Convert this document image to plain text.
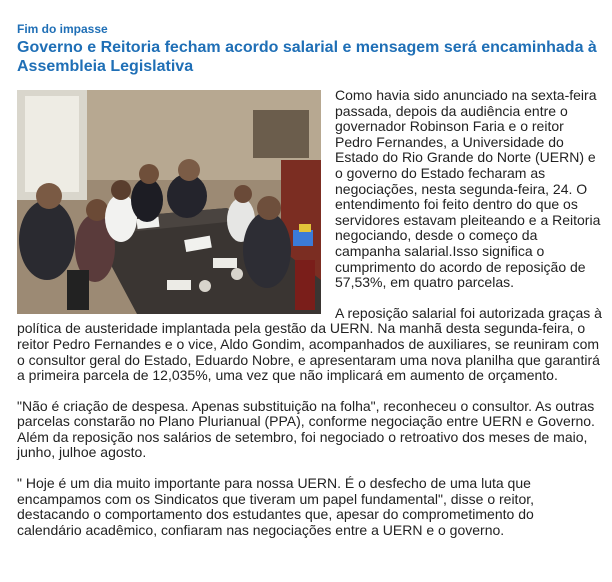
Fim do impasse
Governo e Reitoria fecham acordo salarial e mensagem será encaminhada à Assembleia Legislativa

Como havia sido anunciado na sexta-feira passada, depois da audiência entre o governador Robinson Faria e o reitor Pedro Fernandes, a Universidade do Estado do Rio Grande do Norte (UERN) e o governo do Estado fecharam as negociações, nesta segunda-feira, 24. O entendimento foi feito dentro do que os servidores estavam pleiteando e a Reitoria negociando, desde o começo da campanha salarial.Isso significa o cumprimento do acordo de reposição de 57,53%, em quatro parcelas.

A reposição salarial foi autorizada graças à política de austeridade implantada pela gestão da UERN. Na manhã desta segunda-feira, o reitor Pedro Fernandes e o vice, Aldo Gondim, acompanhados de auxiliares, se reuniram com o consultor geral do Estado, Eduardo Nobre, e apresentaram uma nova planilha que garantirá a primeira parcela de 12,035%, uma vez que não implicará em aumento de orçamento.

"Não é criação de despesa. Apenas substituição na folha", reconheceu o consultor. As outras parcelas constarão no Plano Plurianual (PPA), conforme negociação entre UERN e Governo. Além da reposição nos salários de setembro, foi negociado o retroativo dos meses de maio, junho, julhoe agosto.

" Hoje é um dia muito importante para nossa UERN. É o desfecho de uma luta que encampamos com os Sindicatos que tiveram um papel fundamental", disse o reitor, destacando o comportamento dos estudantes que, apesar do comprometimento do calendário acadêmico, confiaram nas negociações entre a UERN e o governo.
